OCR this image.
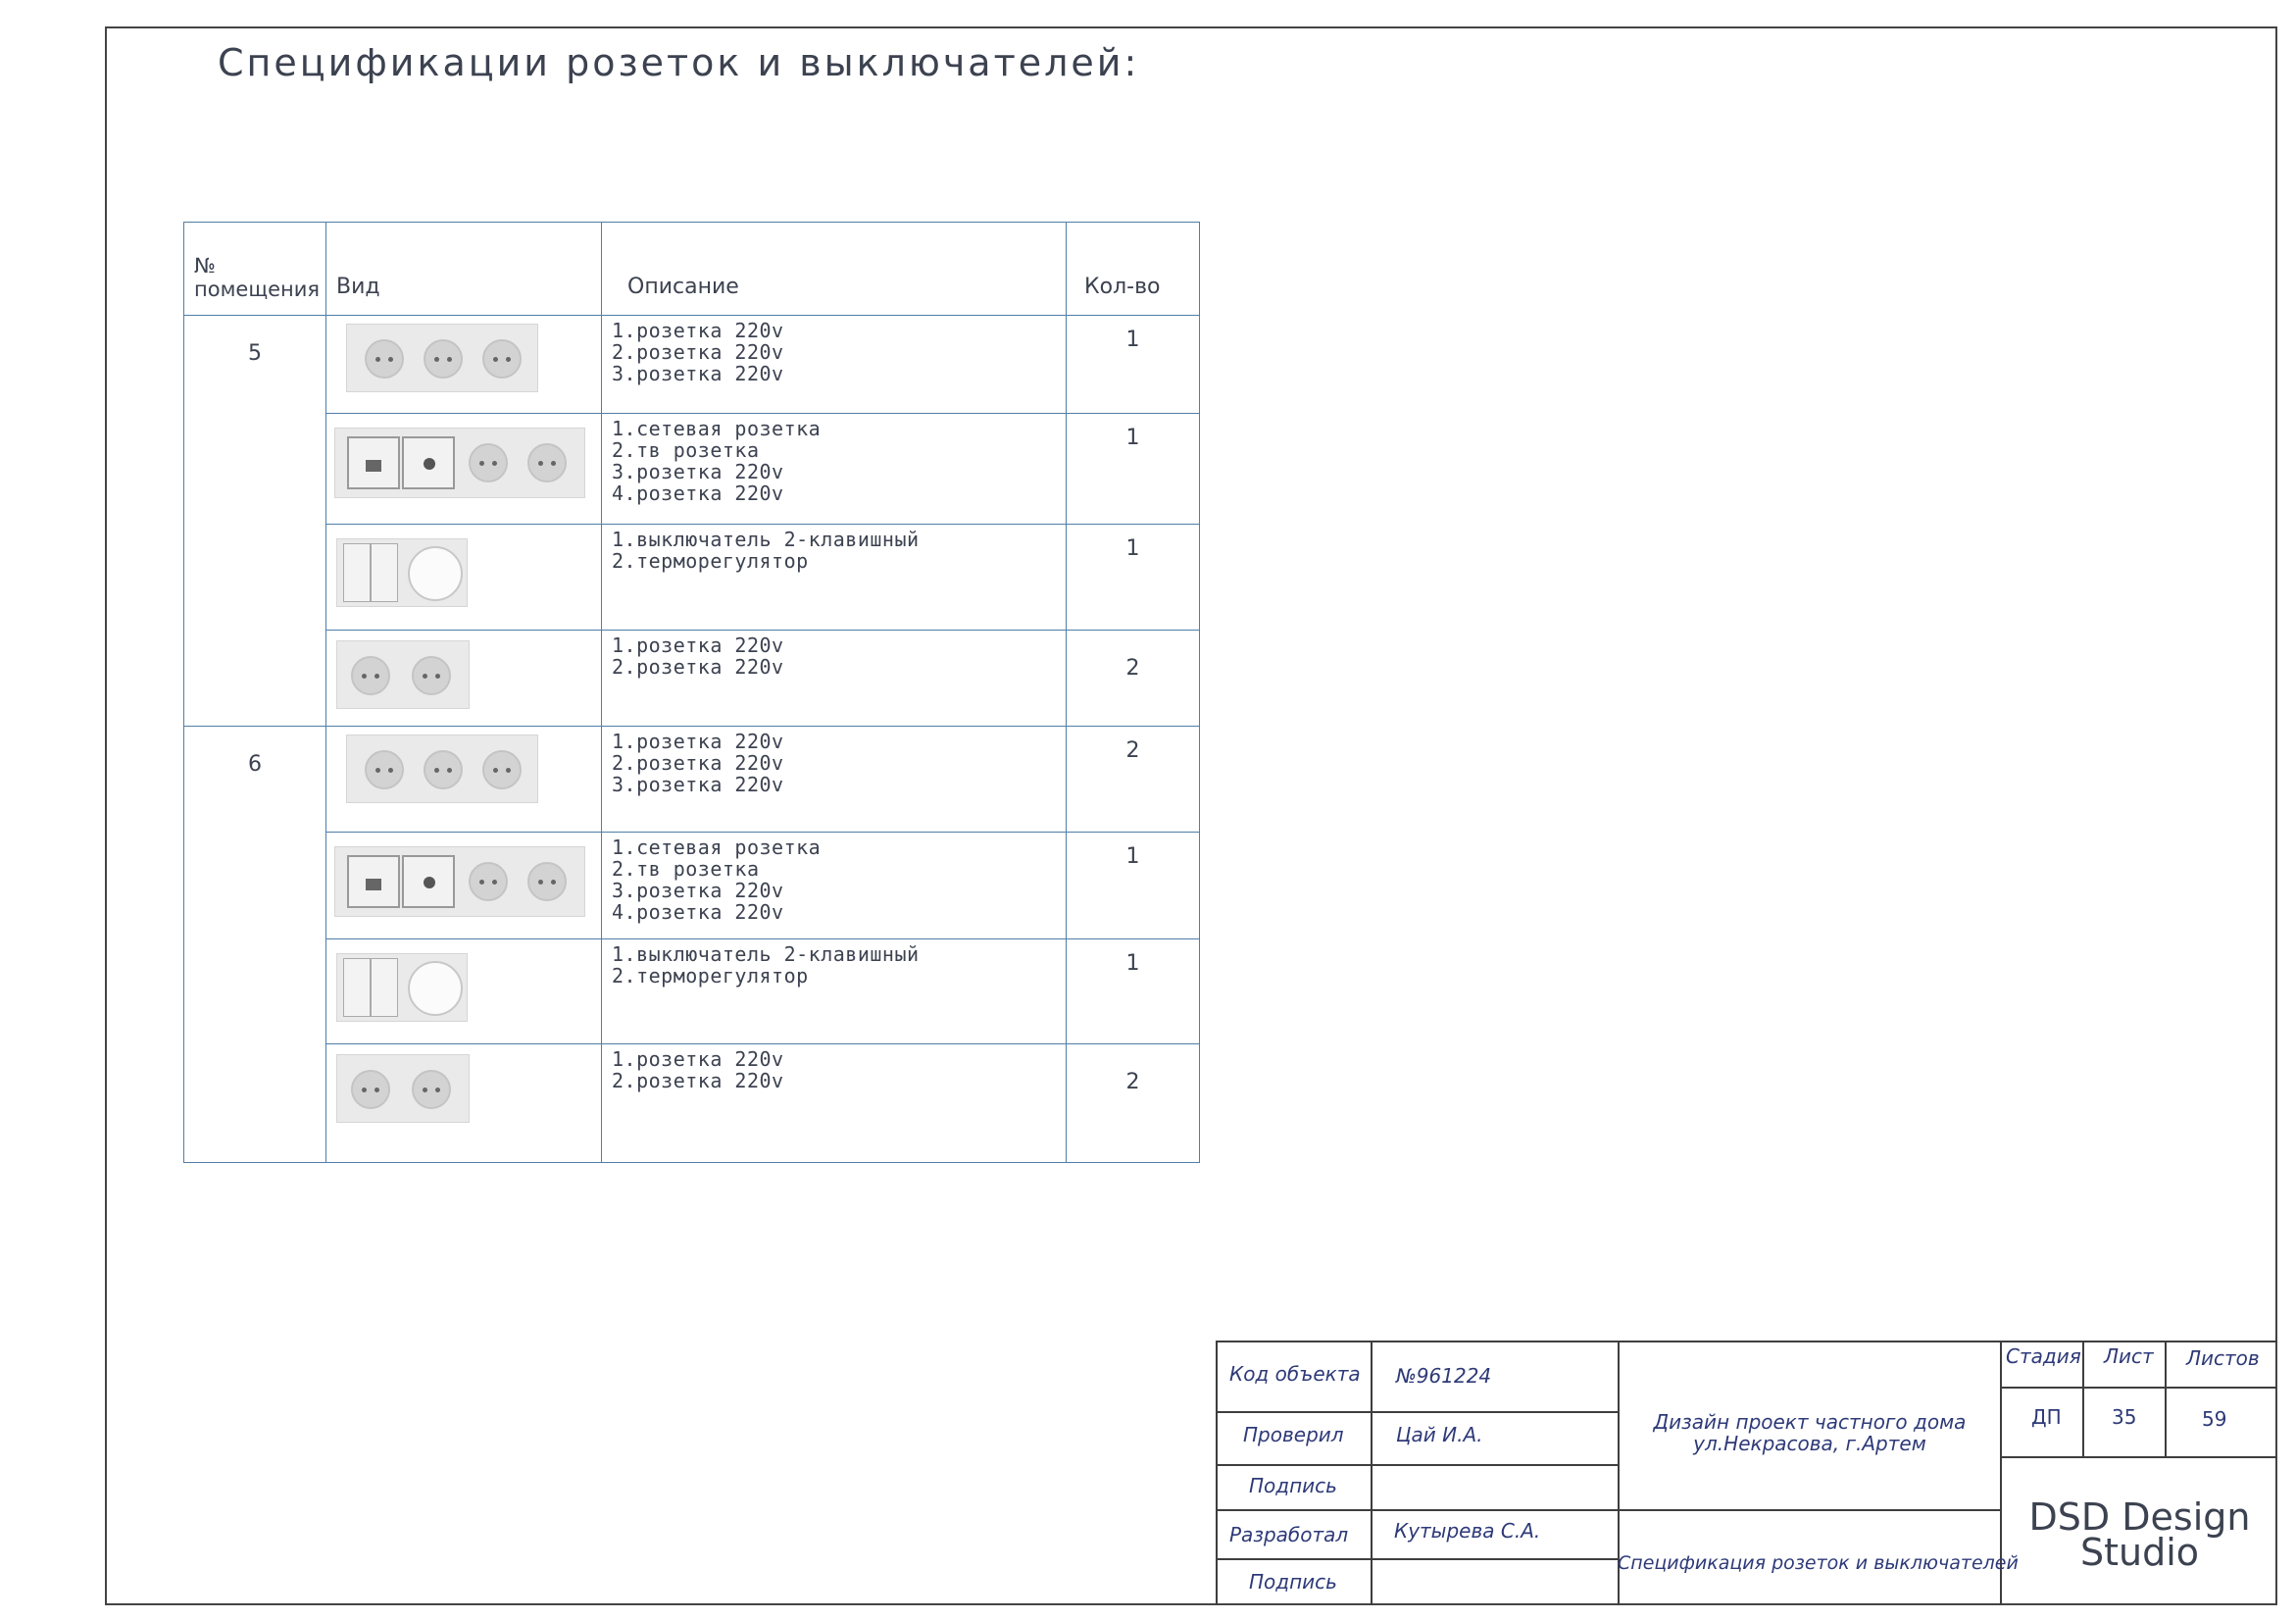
Спецификации розеток и выключателей:
№
помещения	Вид	Описание	Кол-во
5		1.розетка 220v
2.розетка 220v
3.розетка 220v	1

		1.сетевая розетка
2.тв розетка
3.розетка 220v
4.розетка 220v	1

		1.выключатель 2-клавишный
2.терморегулятор	1

		1.розетка 220v
2.розетка 220v	2
6		1.розетка 220v
2.розетка 220v
3.розетка 220v	2

		1.сетевая розетка
2.тв розетка
3.розетка 220v
4.розетка 220v	1

		1.выключатель 2-клавишный
2.терморегулятор	1

		1.розетка 220v
2.розетка 220v	2
Код объекта №961224
Проверил	Цай И.А.
Подпись
Разработал Кутырева С.А.
Подпись
Дизайн проект частного дома
ул.Некрасова, г.Артем
Спецификация розеток и выключателей
Стадия Лист Листов
ДП	35	59
DSD Design
Studio
